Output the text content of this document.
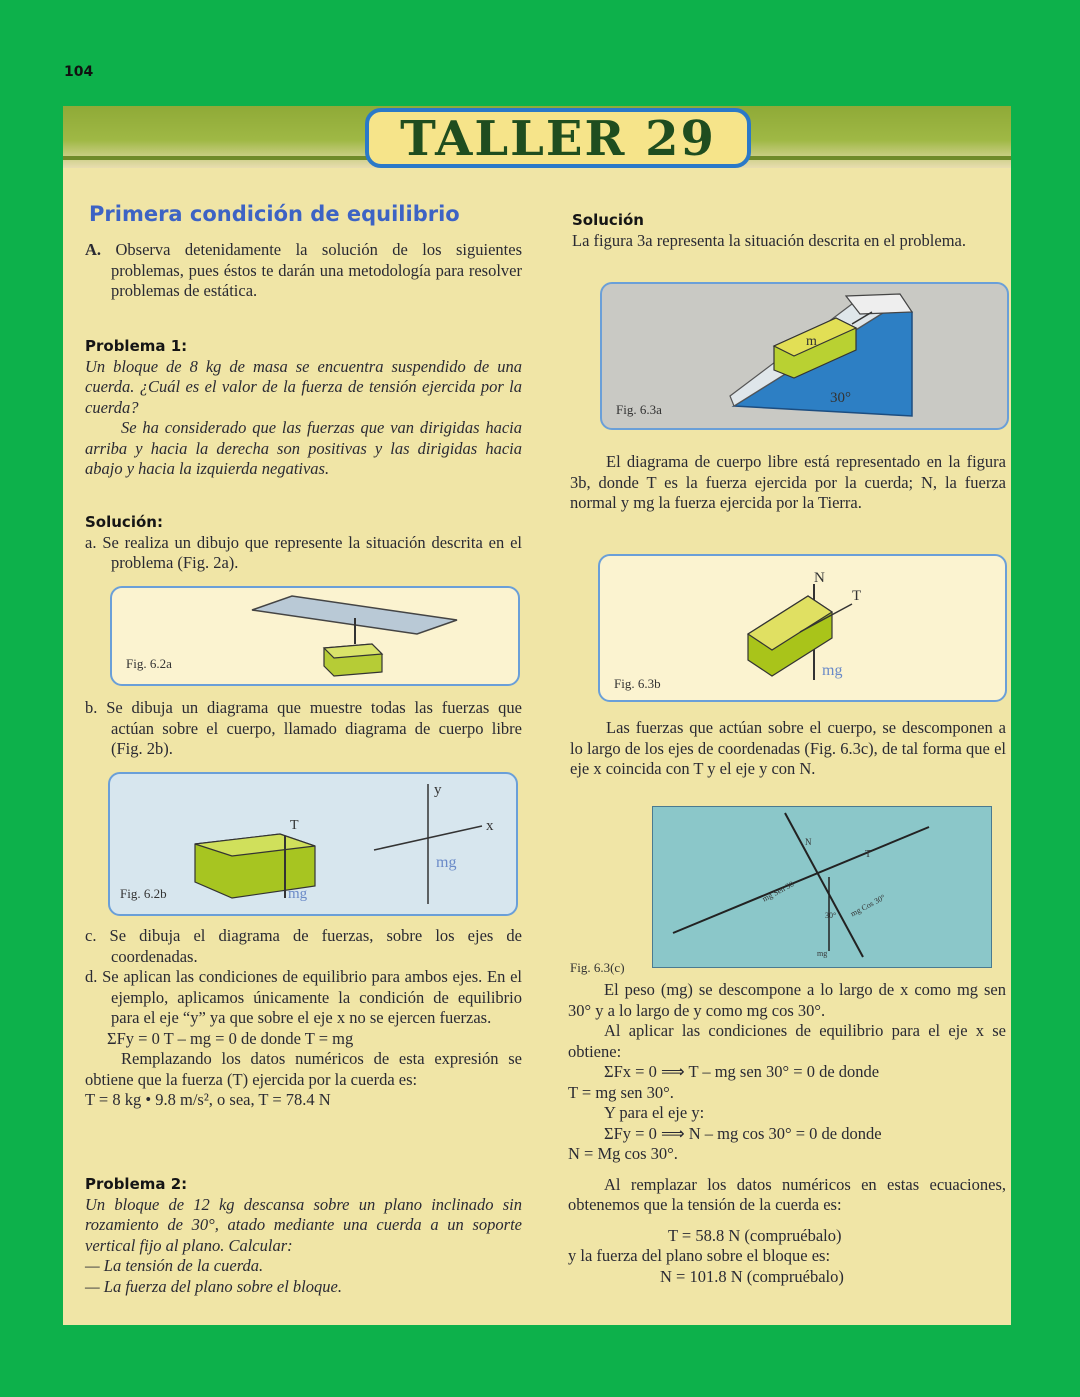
104
TALLER 29
Primera condición de equilibrio

A. Observa detenidamente la solución de los siguientes problemas, pues éstos te darán una metodología para resolver problemas de estática.

Problema 1:

Un bloque de 8 kg de masa se encuentra suspendido de una cuerda. ¿Cuál es el valor de la fuerza de tensión ejercida por la cuerda?

Se ha considerado que las fuerzas que van dirigidas hacia arriba y hacia la derecha son positivas y las dirigidas hacia abajo y hacia la izquierda negativas.

Solución:

a. Se realiza un dibujo que represente la situación descrita en el problema (Fig. 2a).

Fig. 6.2a

b. Se dibuja un diagrama que muestre todas las fuerzas que actúan sobre el cuerpo, llamado diagrama de cuerpo libre (Fig. 2b).

T
mg
y
x
mg
Fig. 6.2b

c. Se dibuja el diagrama de fuerzas, sobre los ejes de coordenadas.

d. Se aplican las condiciones de equilibrio para ambos ejes. En el ejemplo, aplicamos únicamente la condición de equilibrio para el eje “y” ya que sobre el eje x no se ejercen fuerzas.

ΣFy = 0 T – mg = 0 de donde T = mg

Remplazando los datos numéricos de esta expresión se obtiene que la fuerza (T) ejercida por la cuerda es:

T = 8 kg • 9.8 m/s², o sea, T = 78.4 N

Problema 2:

Un bloque de 12 kg descansa sobre un plano inclinado sin rozamiento de 30°, atado mediante una cuerda a un soporte vertical fijo al plano. Calcular:

— La tensión de la cuerda.

— La fuerza del plano sobre el bloque.

Solución

La figura 3a representa la situación descrita en el problema.

m
30°
Fig. 6.3a

El diagrama de cuerpo libre está representado en la figura 3b, donde T es la fuerza ejercida por la cuerda; N, la fuerza normal y mg la fuerza ejercida por la Tierra.

N
T
mg
Fig. 6.3b

Las fuerzas que actúan sobre el cuerpo, se descomponen a lo largo de los ejes de coordenadas (Fig. 6.3c), de tal forma que el eje x coincida con T y el eje y con N.

N
T
mg Sen 30
mg Cos 30°
30°
mg
Fig. 6.3(c)

El peso (mg) se descompone a lo largo de x como mg sen 30° y a lo largo de y como mg cos 30°.

Al aplicar las condiciones de equilibrio para el eje x se obtiene:

ΣFx = 0 ⟹ T – mg sen 30° = 0 de donde

T = mg sen 30°.

Y para el eje y:

ΣFy = 0 ⟹ N – mg cos 30° = 0 de donde

N = Mg cos 30°.

Al remplazar los datos numéricos en estas ecuaciones, obtenemos que la tensión de la cuerda es:

T = 58.8 N (compruébalo)

y la fuerza del plano sobre el bloque es:

N = 101.8 N (compruébalo)
